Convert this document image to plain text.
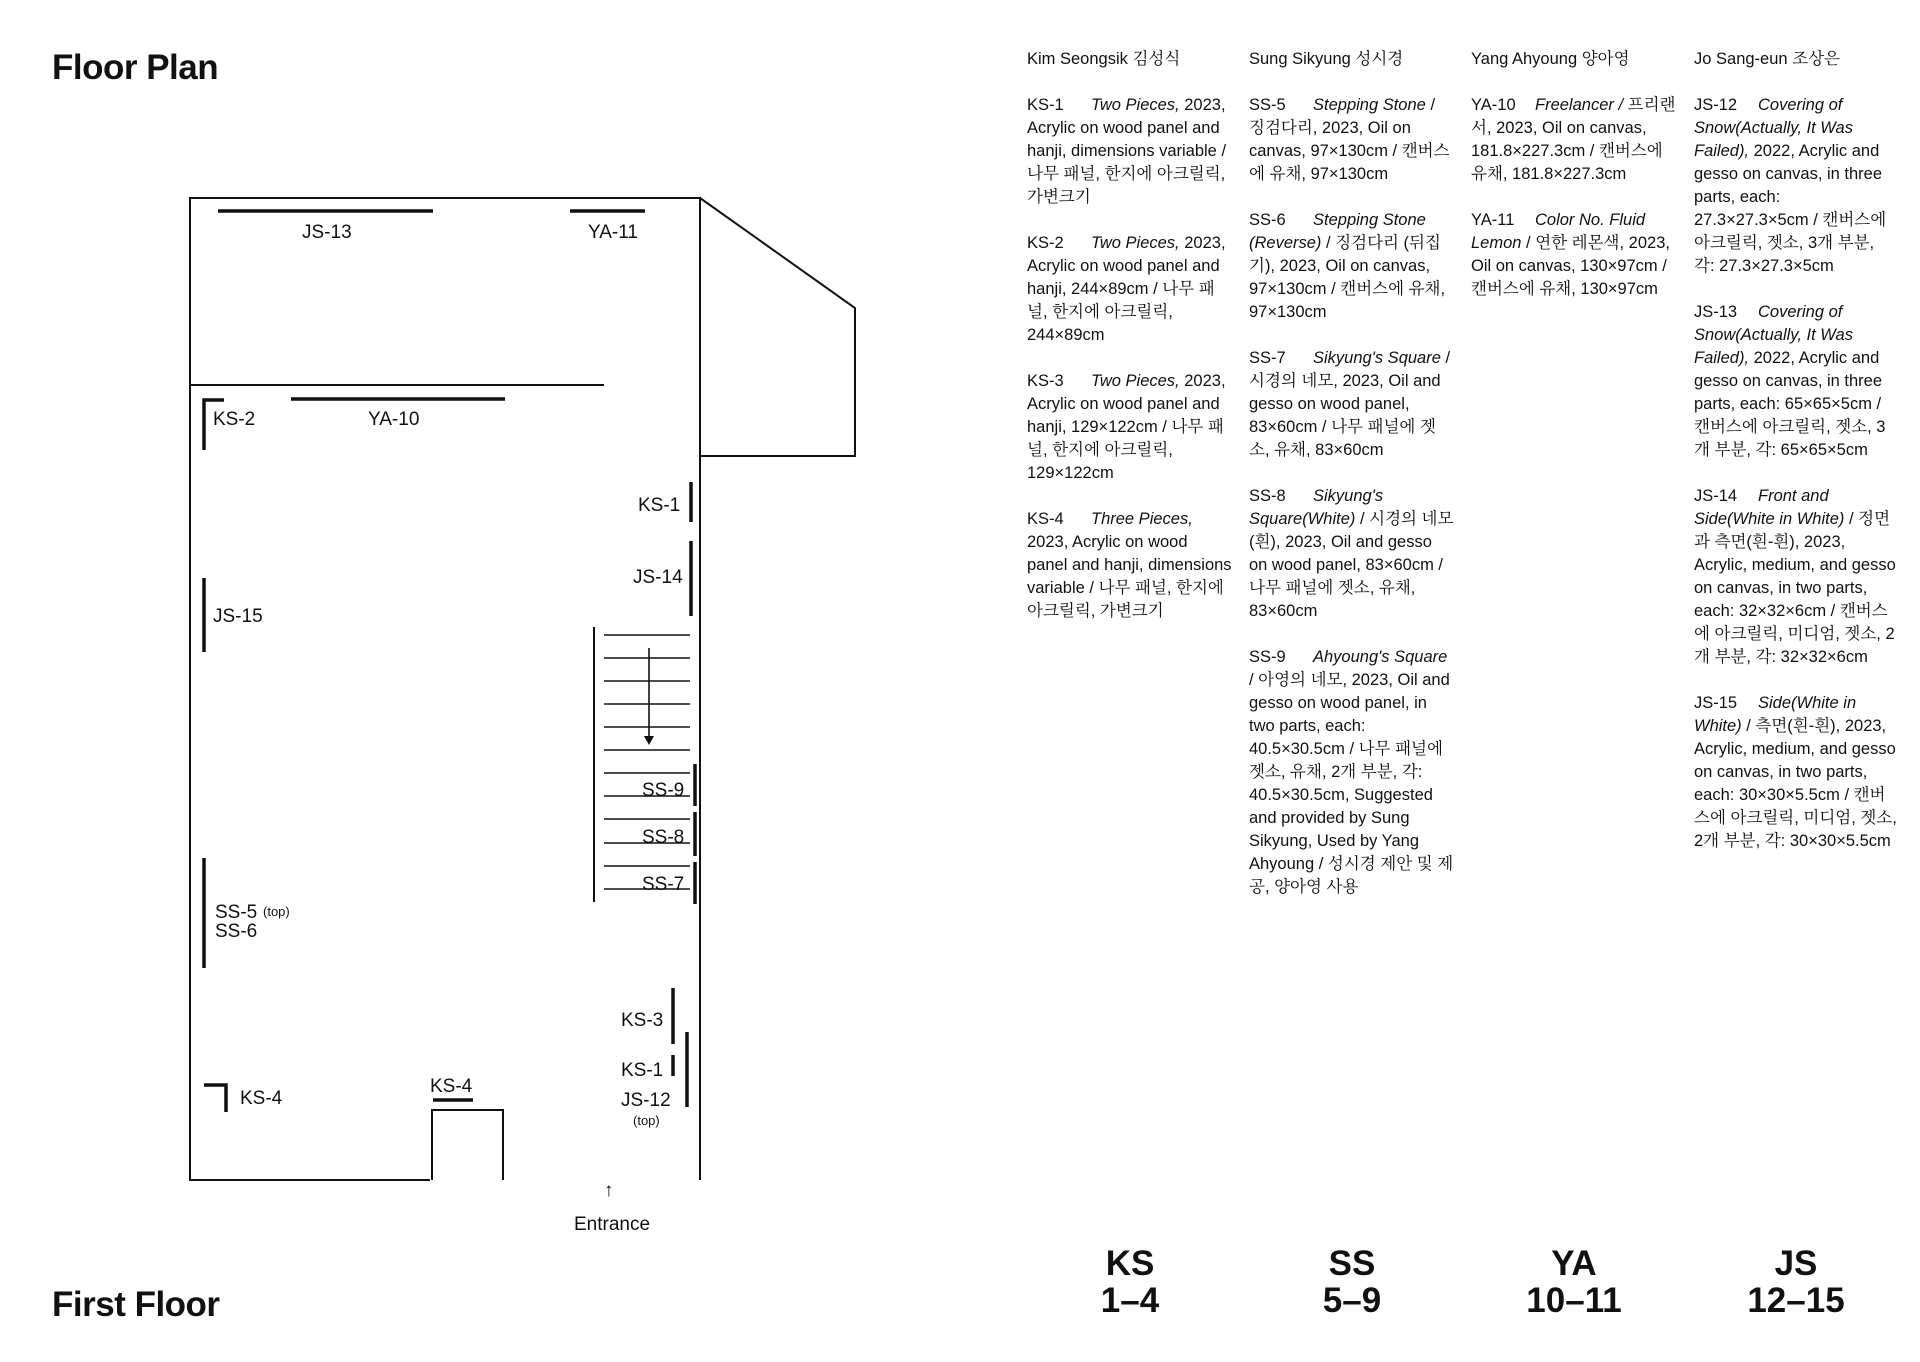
Floor Plan
First Floor
JS-13	YA-11
KS-2	YA-10
KS-1
JS-14
JS-15
SS-9
SS-8
SS-7
SS-5 (top)
SS-6
KS-3
KS-1
JS-12
(top)
KS-4
KS-4
↑
Entrance
Kim Seongsik 김성식
KS-1 Two Pieces, 2023, Acrylic on wood panel and hanji, dimensions variable / 나무 패널, 한지에 아크릴릭, 가변크기
KS-2 Two Pieces, 2023, Acrylic on wood panel and hanji, 244×89cm / 나무 패널, 한지에 아크릴릭, 244×89cm
KS-3 Two Pieces, 2023, Acrylic on wood panel and hanji, 129×122cm / 나무 패널, 한지에 아크릴릭, 129×122cm
KS-4 Three Pieces, 2023, Acrylic on wood panel and hanji, dimensions variable / 나무 패널, 한지에 아크릴릭, 가변크기
Sung Sikyung 성시경
SS-5 Stepping Stone / 징검다리, 2023, Oil on canvas, 97×130cm / 캔버스에 유채, 97×130cm
SS-6 Stepping Stone (Reverse) / 징검다리 (뒤집기), 2023, Oil on canvas, 97×130cm / 캔버스에 유채, 97×130cm
SS-7 Sikyung's Square / 시경의 네모, 2023, Oil and gesso on wood panel, 83×60cm / 나무 패널에 젯소, 유채, 83×60cm
SS-8 Sikyung's Square(White) / 시경의 네모(흰), 2023, Oil and gesso on wood panel, 83×60cm / 나무 패널에 젯소, 유채, 83×60cm
SS-9 Ahyoung's Square / 아영의 네모, 2023, Oil and gesso on wood panel, in two parts, each: 40.5×30.5cm / 나무 패널에 젯소, 유채, 2개 부분, 각: 40.5×30.5cm, Suggested and provided by Sung Sikyung, Used by Yang Ahyoung / 성시경 제안 및 제공, 양아영 사용
Yang Ahyoung 양아영
YA-10 Freelancer / 프리랜서, 2023, Oil on canvas, 181.8×227.3cm / 캔버스에 유채, 181.8×227.3cm
YA-11 Color No. Fluid Lemon / 연한 레몬색, 2023, Oil on canvas, 130×97cm / 캔버스에 유채, 130×97cm
Jo Sang-eun 조상은
JS-12 Covering of Snow(Actually, It Was Failed), 2022, Acrylic and gesso on canvas, in three parts, each: 27.3×27.3×5cm / 캔버스에 아크릴릭, 젯소, 3개 부분, 각: 27.3×27.3×5cm
JS-13 Covering of Snow(Actually, It Was Failed), 2022, Acrylic and gesso on canvas, in three parts, each: 65×65×5cm / 캔버스에 아크릴릭, 젯소, 3개 부분, 각: 65×65×5cm
JS-14 Front and Side(White in White) / 정면과 측면(흰-흰), 2023, Acrylic, medium, and gesso on canvas, in two parts, each: 32×32×6cm / 캔버스에 아크릴릭, 미디엄, 젯소, 2개 부분, 각: 32×32×6cm
JS-15 Side(White in White) / 측면(흰-흰), 2023, Acrylic, medium, and gesso on canvas, in two parts, each: 30×30×5.5cm / 캔버스에 아크릴릭, 미디엄, 젯소, 2개 부분, 각: 30×30×5.5cm
KS
1–4
SS
5–9
YA
10–11
JS
12–15
